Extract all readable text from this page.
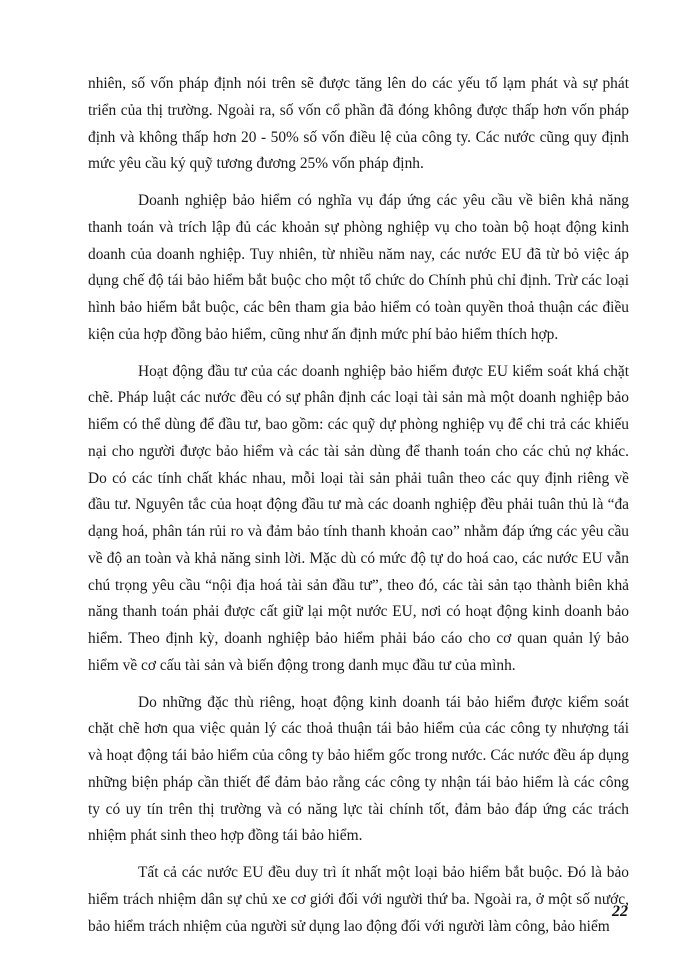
nhiên, số vốn pháp định nói trên sẽ được tăng lên do các yếu tố lạm phát và sự phát triển của thị trường. Ngoài ra, số vốn cổ phần đã đóng không được thấp hơn vốn pháp định và không thấp hơn 20 - 50% số vốn điều lệ của công ty. Các nước cũng quy định mức yêu cầu ký quỹ tương đương 25% vốn pháp định.

Doanh nghiệp bảo hiểm có nghĩa vụ đáp ứng các yêu cầu về biên khả năng thanh toán và trích lập đủ các khoản sự phòng nghiệp vụ cho toàn bộ hoạt động kinh doanh của doanh nghiệp. Tuy nhiên, từ nhiều năm nay, các nước EU đã từ bỏ việc áp dụng chế độ tái bảo hiểm bắt buộc cho một tổ chức do Chính phủ chỉ định. Trừ các loại hình bảo hiểm bắt buộc, các bên tham gia bảo hiểm có toàn quyền thoả thuận các điều kiện của hợp đồng bảo hiểm, cũng như ấn định mức phí bảo hiểm thích hợp.

Hoạt động đầu tư của các doanh nghiệp bảo hiểm được EU kiểm soát khá chặt chẽ. Pháp luật các nước đều có sự phân định các loại tài sản mà một doanh nghiệp bảo hiểm có thể dùng để đầu tư, bao gồm: các quỹ dự phòng nghiệp vụ để chi trả các khiếu nại cho người được bảo hiểm và các tài sản dùng để thanh toán cho các chủ nợ khác. Do có các tính chất khác nhau, mỗi loại tài sản phải tuân theo các quy định riêng về đầu tư. Nguyên tắc của hoạt động đầu tư mà các doanh nghiệp đều phải tuân thủ là “đa dạng hoá, phân tán rủi ro và đảm bảo tính thanh khoản cao” nhằm đáp ứng các yêu cầu về độ an toàn và khả năng sinh lời. Mặc dù có mức độ tự do hoá cao, các nước EU vẫn chú trọng yêu cầu “nội địa hoá tài sản đầu tư”, theo đó, các tài sản tạo thành biên khả năng thanh toán phải được cất giữ lại một nước EU, nơi có hoạt động kinh doanh bảo hiểm. Theo định kỳ, doanh nghiệp bảo hiểm phải báo cáo cho cơ quan quản lý bảo hiểm về cơ cấu tài sản và biến động trong danh mục đầu tư của mình.

Do những đặc thù riêng, hoạt động kinh doanh tái bảo hiểm được kiểm soát chặt chẽ hơn qua việc quản lý các thoả thuận tái bảo hiểm của các công ty nhượng tái và hoạt động tái bảo hiểm của công ty bảo hiểm gốc trong nước. Các nước đều áp dụng những biện pháp cần thiết để đảm bảo rằng các công ty nhận tái bảo hiểm là các công ty có uy tín trên thị trường và có năng lực tài chính tốt, đảm bảo đáp ứng các trách nhiệm phát sinh theo hợp đồng tái bảo hiểm.

Tất cả các nước EU đều duy trì ít nhất một loại bảo hiểm bắt buộc. Đó là bảo hiểm trách nhiệm dân sự chủ xe cơ giới đối với người thứ ba. Ngoài ra, ở một số nước, bảo hiểm trách nhiệm của người sử dụng lao động đối với người làm công, bảo hiểm

22
